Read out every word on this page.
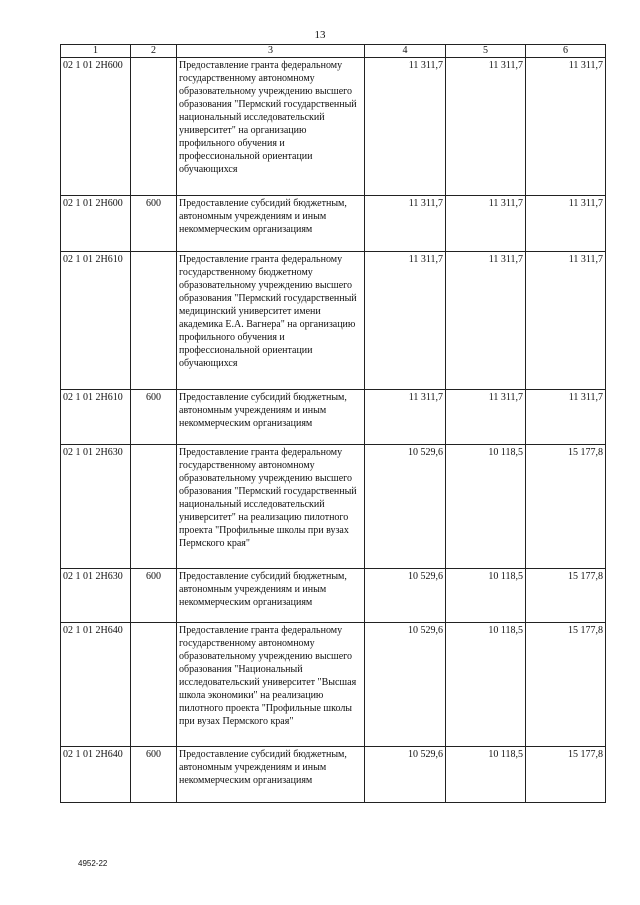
13
1	2	3	4	5	6
02 1 01 2Н600		Предоставление гранта федеральному государственному автономному образовательному учреждению высшего образования "Пермский государственный национальный исследовательский университет" на организацию профильного обучения и профессиональной ориентации обучающихся	11 311,7	11 311,7	11 311,7
02 1 01 2Н600	600	Предоставление субсидий бюджетным, автономным учреждениям и иным некоммерческим организациям	11 311,7	11 311,7	11 311,7
02 1 01 2Н610		Предоставление гранта федеральному государственному бюджетному образовательному учреждению высшего образования "Пермский государственный медицинский университет имени академика Е.А. Вагнера" на организацию профильного обучения и профессиональной ориентации обучающихся	11 311,7	11 311,7	11 311,7
02 1 01 2Н610	600	Предоставление субсидий бюджетным, автономным учреждениям и иным некоммерческим организациям	11 311,7	11 311,7	11 311,7
02 1 01 2Н630		Предоставление гранта федеральному государственному автономному образовательному учреждению высшего образования "Пермский государственный национальный исследовательский университет" на реализацию пилотного проекта "Профильные школы при вузах Пермского края"	10 529,6	10 118,5	15 177,8
02 1 01 2Н630	600	Предоставление субсидий бюджетным, автономным учреждениям и иным некоммерческим организациям	10 529,6	10 118,5	15 177,8
02 1 01 2Н640		Предоставление гранта федеральному государственному автономному образовательному учреждению высшего образования "Национальный исследовательский университет "Высшая школа экономики" на реализацию пилотного проекта "Профильные школы при вузах Пермского края"	10 529,6	10 118,5	15 177,8
02 1 01 2Н640	600	Предоставление субсидий бюджетным, автономным учреждениям и иным некоммерческим организациям	10 529,6	10 118,5	15 177,8
4952-22
